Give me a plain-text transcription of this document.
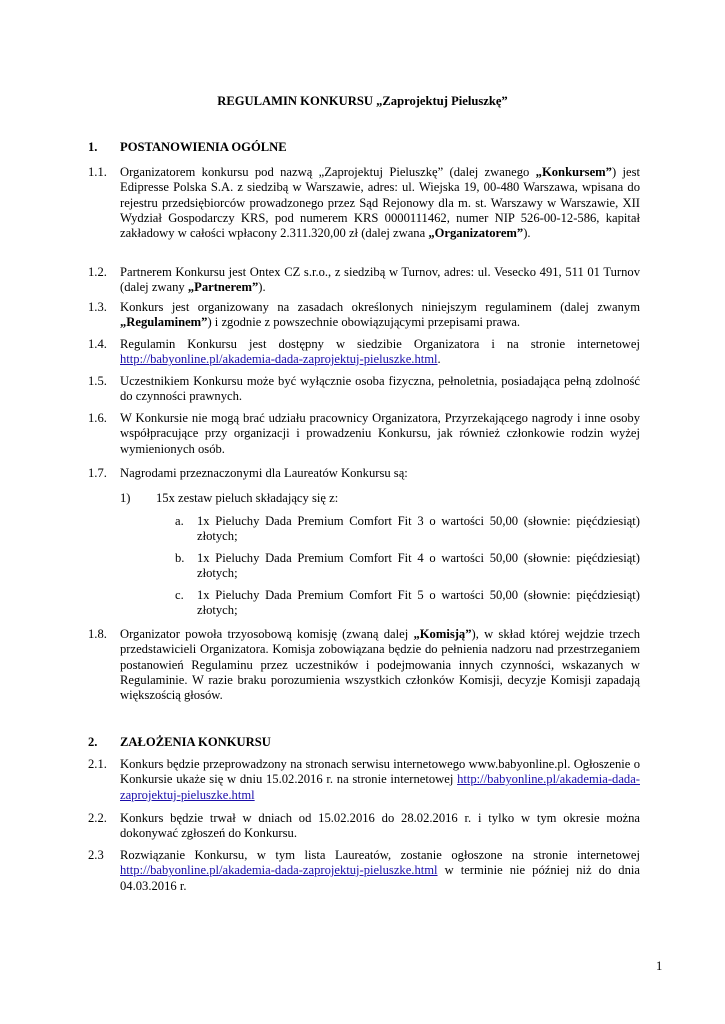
REGULAMIN KONKURSU „Zaprojektuj Pieluszkę”
1. POSTANOWIENIA OGÓLNE
1.1. Organizatorem konkursu pod nazwą „Zaprojektuj Pieluszkę” (dalej zwanego „Konkursem”) jest Edipresse Polska S.A. z siedzibą w Warszawie, adres: ul. Wiejska 19, 00-480 Warszawa, wpisana do rejestru przedsiębiorców prowadzonego przez Sąd Rejonowy dla m. st. Warszawy w Warszawie, XII Wydział Gospodarczy KRS, pod numerem KRS 0000111462, numer NIP 526-00-12-586, kapitał zakładowy w całości wpłacony 2.311.320,00 zł (dalej zwana „Organizatorem”).
1.2. Partnerem Konkursu jest Ontex CZ s.r.o., z siedzibą w Turnov, adres: ul. Vesecko 491, 511 01 Turnov (dalej zwany „Partnerem”).
1.3. Konkurs jest organizowany na zasadach określonych niniejszym regulaminem (dalej zwanym „Regulaminem”) i zgodnie z powszechnie obowiązującymi przepisami prawa.
1.4. Regulamin Konkursu jest dostępny w siedzibie Organizatora i na stronie internetowej http://babyonline.pl/akademia-dada-zaprojektuj-pieluszke.html.
1.5. Uczestnikiem Konkursu może być wyłącznie osoba fizyczna, pełnoletnia, posiadająca pełną zdolność do czynności prawnych.
1.6. W Konkursie nie mogą brać udziału pracownicy Organizatora, Przyrzekającego nagrody i inne osoby współpracujące przy organizacji i prowadzeniu Konkursu, jak również członkowie rodzin wyżej wymienionych osób.
1.7. Nagrodami przeznaczonymi dla Laureatów Konkursu są:
1) 15x zestaw pieluch składający się z:
a. 1x Pieluchy Dada Premium Comfort Fit 3 o wartości 50,00 (słownie: pięćdziesiąt) złotych;
b. 1x Pieluchy Dada Premium Comfort Fit 4 o wartości 50,00 (słownie: pięćdziesiąt) złotych;
c. 1x Pieluchy Dada Premium Comfort Fit 5 o wartości 50,00 (słownie: pięćdziesiąt) złotych;
1.8. Organizator powoła trzyosobową komisję (zwaną dalej „Komisją”), w skład której wejdzie trzech przedstawicieli Organizatora. Komisja zobowiązana będzie do pełnienia nadzoru nad przestrzeganiem postanowień Regulaminu przez uczestników i podejmowania innych czynności, wskazanych w Regulaminie. W razie braku porozumienia wszystkich członków Komisji, decyzje Komisji zapadają większością głosów.
2. ZAŁOŻENIA KONKURSU
2.1. Konkurs będzie przeprowadzony na stronach serwisu internetowego www.babyonline.pl. Ogłoszenie o Konkursie ukaże się w dniu 15.02.2016 r. na stronie internetowej http://babyonline.pl/akademia-dada-zaprojektuj-pieluszke.html
2.2. Konkurs będzie trwał w dniach od 15.02.2016 do 28.02.2016 r. i tylko w tym okresie można dokonywać zgłoszeń do Konkursu.
2.3 Rozwiązanie Konkursu, w tym lista Laureatów, zostanie ogłoszone na stronie internetowej http://babyonline.pl/akademia-dada-zaprojektuj-pieluszke.html w terminie nie później niż do dnia 04.03.2016 r.
1
